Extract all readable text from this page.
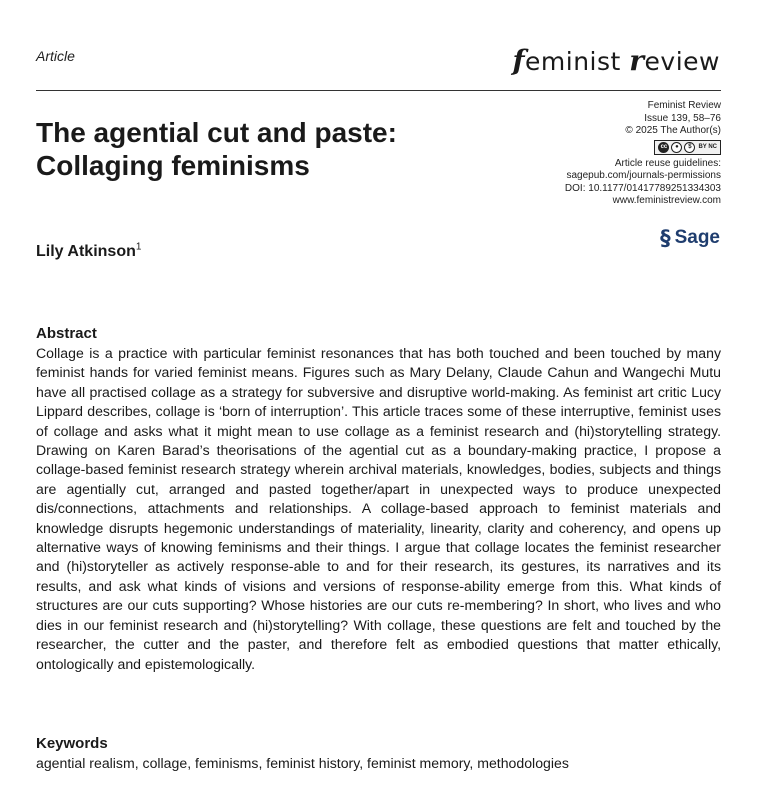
Article	feminist review
The agential cut and paste:
Collaging feminisms
Feminist Review
Issue 139, 58–76
© 2025 The Author(s)
cc	●	$	BY NC
Article reuse guidelines:
sagepub.com/journals-permissions
DOI: 10.1177/01417789251334303
www.feministreview.com
§ Sage
Lily Atkinson$^1$
Abstract

Collage is a practice with particular feminist resonances that has both touched and been touched by many feminist hands for varied feminist means. Figures such as Mary Delany, Claude Cahun and Wangechi Mutu have all practised collage as a strategy for subversive and disruptive world-making. As feminist art critic Lucy Lippard describes, collage is ‘born of interruption’. This article traces some of these interruptive, feminist uses of collage and asks what it might mean to use collage as a feminist research and (hi)storytelling strategy. Drawing on Karen Barad’s theorisations of the agential cut as a boundary-making practice, I propose a collage-based feminist research strategy wherein archival materials, knowledges, bodies, subjects and things are agentially cut, arranged and pasted together/apart in unexpected ways to produce unexpected dis/connections, attachments and relationships. A collage-based approach to feminist materials and knowledge disrupts hegemonic understandings of materiality, linearity, clarity and coherency, and opens up alternative ways of knowing feminisms and their things. I argue that collage locates the feminist researcher and (hi)storyteller as actively response-able to and for their research, its gestures, its narratives and its results, and ask what kinds of visions and versions of response-ability emerge from this. What kinds of structures are our cuts supporting? Whose histories are our cuts re-membering? In short, who lives and who dies in our feminist research and (hi)storytelling? With collage, these questions are felt and touched by the researcher, the cutter and the paster, and therefore felt as embodied questions that matter ethically, ontologically and epistemologically.

Keywords

agential realism, collage, feminisms, feminist history, feminist memory, methodologies
